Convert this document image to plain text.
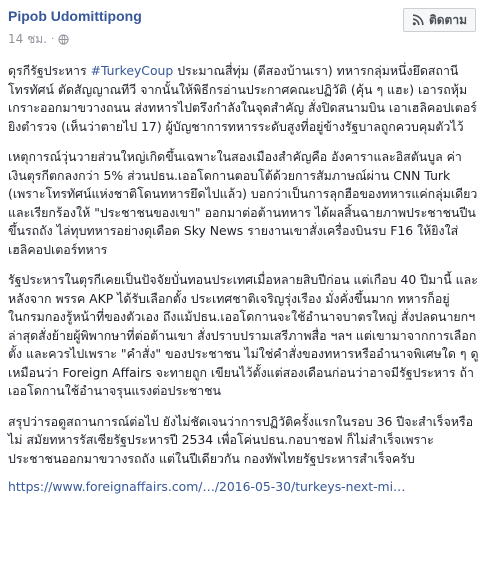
Pipob Udomittipong
14 ชม. ·
ติดตาม

ดุรกีรัฐประหาร #TurkeyCoup ประมาณสี่ทุ่ม (ตีสองบ้านเรา) ทหารกลุ่มหนึ่งยึดสถานีโทรทัศน์ ตัดสัญญาณทีวี จากนั้นให้พิธีกรอ่านประกาศคณะปฏิวัติ (คุ้น ๆ แฮะ) เอารถหุ้มเกราะออกมาขวางถนน ส่งทหารไปตรึงกำลังในจุดสำคัญ สั่งปิดสนามบิน เอาเฮลิคอปเตอร์ยิงตำรวจ (เห็นว่าตายไป 17) ผู้บัญชาการทหารระดับสูงที่อยู่ข้างรัฐบาลถูกควบคุมตัวไว้

เหตุการณ์วุ่นวายส่วนใหญ่เกิดขึ้นเฉพาะในสองเมืองสำคัญคือ อังคาราและอิสตันบูล ค่าเงินตุรกีตกลงกว่า 5% ส่วนปธน.เออโดกานตอบโต้ด้วยการสัมภาษณ์ผ่าน CNN Turk (เพราะโทรทัศน์แห่งชาติโดนทหารยึดไปแล้ว) บอกว่าเป็นการลุกฮือของทหารแค่กลุ่มเดียว และเรียกร้องให้ "ประชาชนของเขา" ออกมาต่อต้านทหาร ได้ผลสิ้นฉายภาพประชาชนปีนขึ้นรถถัง ไล่ทุบทหารอย่างดุเดือด Sky News รายงานเขาสั่งเครื่องบินรบ F16 ให้ยิงใส่เฮลิคอปเตอร์ทหาร

รัฐประหารในตุรกีเคยเป็นปัจจัยบั่นทอนประเทศเมื่อหลายสิบปีก่อน แต่เกือบ 40 ปีมานี้ และหลังจาก พรรค AKP ได้รับเลือกตั้ง ประเทศชาติเจริญรุ่งเรือง มั่งคั่งขึ้นมาก ทหารก็อยู่ในกรมกองรู้หน้าที่ของตัวเอง ถึงแม้ปธน.เออโดกานจะใช้อำนาจบาตรใหญ่ สั่งปลดนายกฯ ล่าสุดสั่งย้ายผู้พิพากษาที่ต่อต้านเขา สั่งปราบปรามเสรีภาพสื่อ ฯลฯ แต่เขามาจากการเลือกตั้ง และควรไปเพราะ "คำสั่ง" ของประชาชน ไม่ใช่คำสั่งของทหารหรืออำนาจพิเศษใด ๆ ดูเหมือนว่า Foreign Affairs จะทายถูก เขียนไว้ตั้งแต่สองเดือนก่อนว่าอาจมีรัฐประหาร ถ้าเออโดกานใช้อำนาจรุนแรงต่อประชาชน

สรุปว่ารอดูสถานการณ์ต่อไป ยังไม่ชัดเจนว่าการปฏิวัติครั้งแรกในรอบ 36 ปีจะสำเร็จหรือไม่ สมัยทหารรัสเซียรัฐประหารปี 2534 เพื่อโค่นปธน.กอบาชอฟ ก็ไม่สำเร็จเพราะประชาชนออกมาขวางรถถัง แต่ในปีเดียวกัน กองทัพไทยรัฐประหารสำเร็จครับ

https://www.foreignaffairs.com/…/2016-05-30/turkeys-next-mi…
